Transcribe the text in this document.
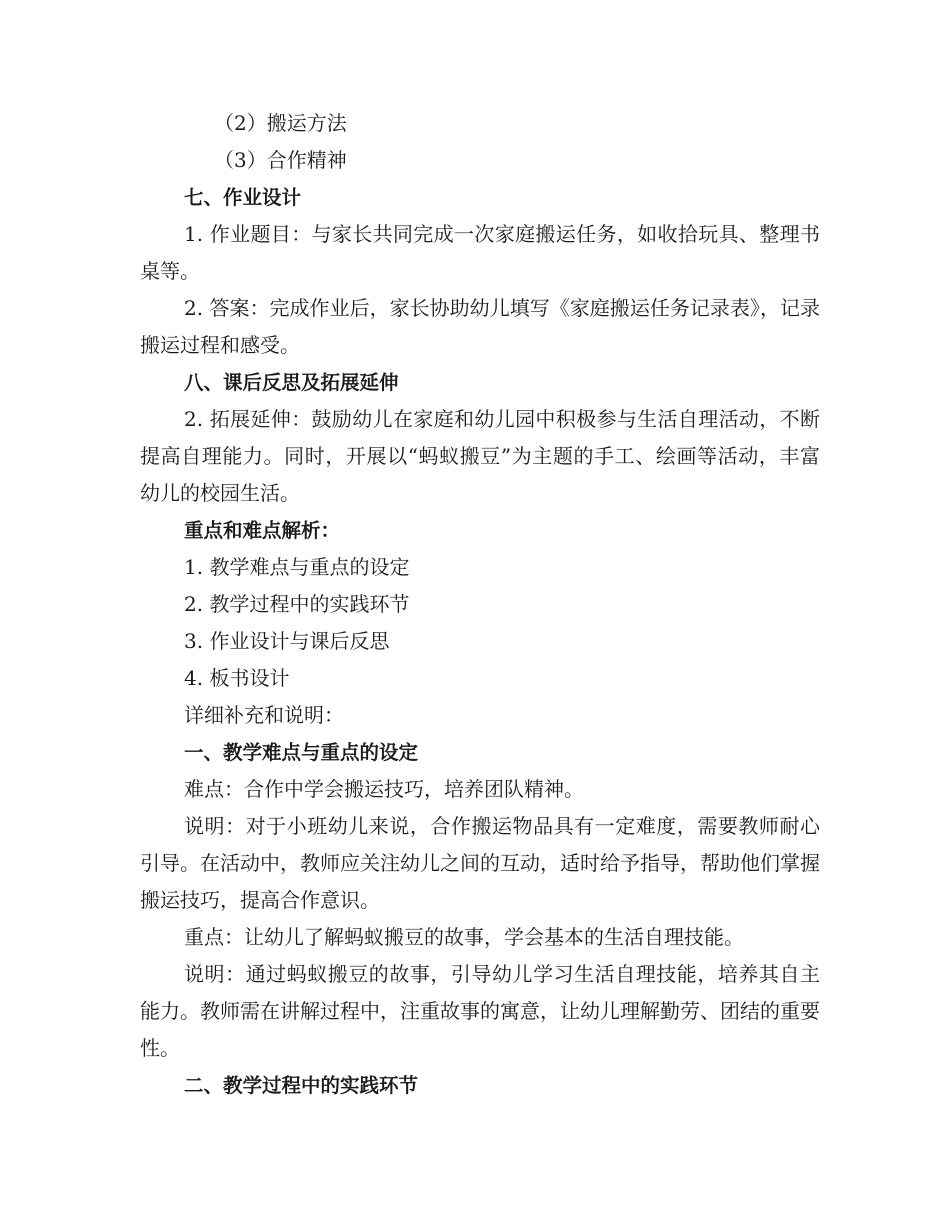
（2）搬运方法

（3）合作精神

七、作业设计

1. 作业题目：与家长共同完成一次家庭搬运任务，如收拾玩具、整理书桌等。

2. 答案：完成作业后，家长协助幼儿填写《家庭搬运任务记录表》，记录搬运过程和感受。

八、课后反思及拓展延伸

2. 拓展延伸：鼓励幼儿在家庭和幼儿园中积极参与生活自理活动，不断提高自理能力。同时，开展以“蚂蚁搬豆”为主题的手工、绘画等活动，丰富幼儿的校园生活。

重点和难点解析：

1. 教学难点与重点的设定

2. 教学过程中的实践环节

3. 作业设计与课后反思

4. 板书设计

详细补充和说明：

一、教学难点与重点的设定

难点：合作中学会搬运技巧，培养团队精神。

说明：对于小班幼儿来说，合作搬运物品具有一定难度，需要教师耐心引导。在活动中，教师应关注幼儿之间的互动，适时给予指导，帮助他们掌握搬运技巧，提高合作意识。

重点：让幼儿了解蚂蚁搬豆的故事，学会基本的生活自理技能。

说明：通过蚂蚁搬豆的故事，引导幼儿学习生活自理技能，培养其自主能力。教师需在讲解过程中，注重故事的寓意，让幼儿理解勤劳、团结的重要性。

二、教学过程中的实践环节
